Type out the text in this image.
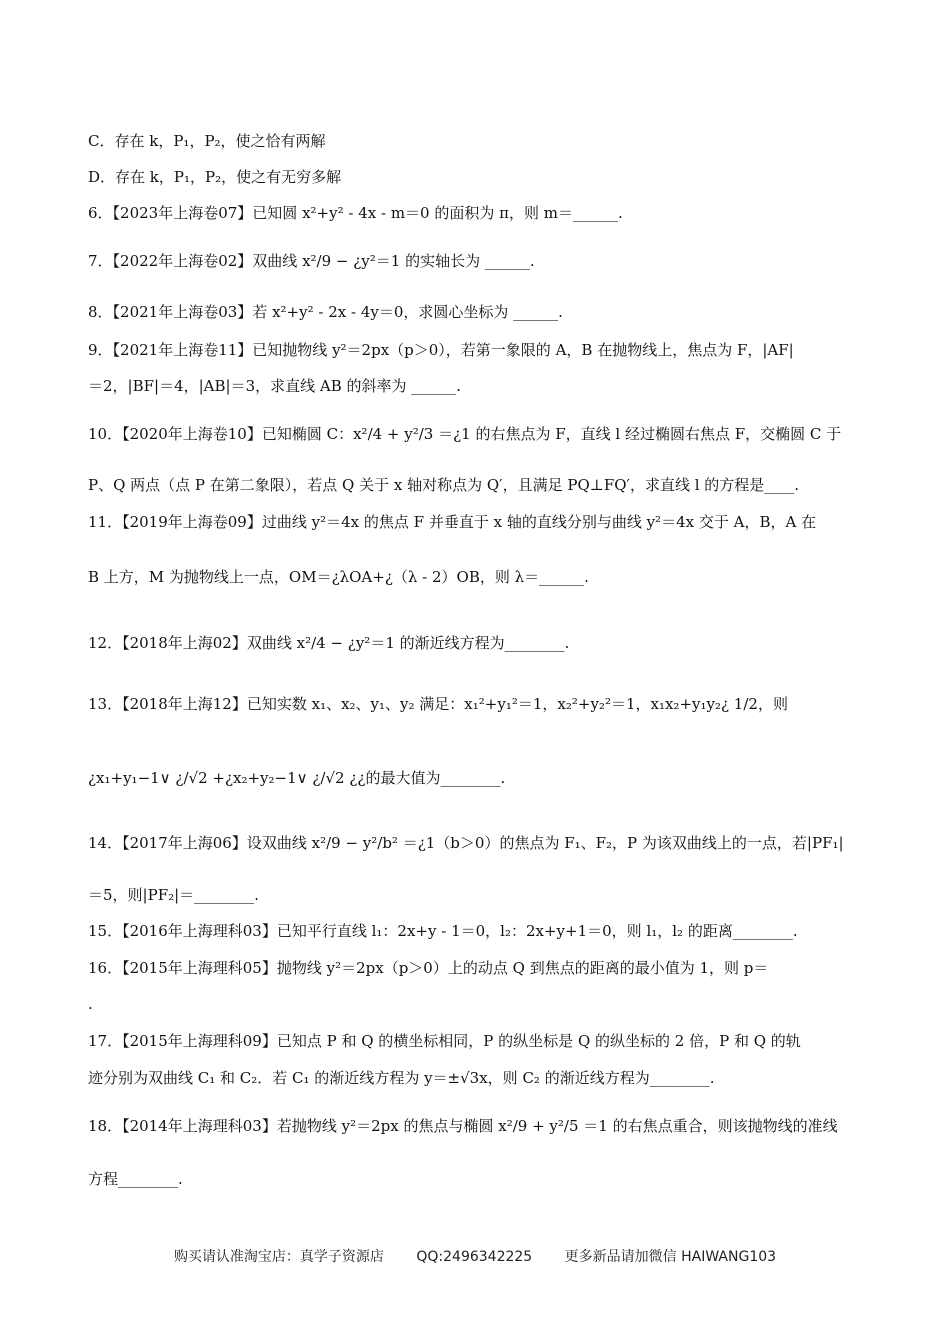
C．存在 k，P₁，P₂，使之恰有两解
D．存在 k，P₁，P₂，使之有无穷多解
6．【2023年上海卷07】已知圆 x²+y² - 4x - m＝0 的面积为 π，则 m＝______.
7．【2022年上海卷02】双曲线 x²/9 − ¿y²＝1 的实轴长为 ______.
8．【2021年上海卷03】若 x²+y² - 2x - 4y＝0，求圆心坐标为 ______.
9．【2021年上海卷11】已知抛物线 y²＝2px（p＞0），若第一象限的 A，B 在抛物线上，焦点为 F，|AF|
＝2，|BF|＝4，|AB|＝3，求直线 AB 的斜率为 ______.
10．【2020年上海卷10】已知椭圆 C：x²/4 + y²/3 ＝¿1 的右焦点为 F，直线 l 经过椭圆右焦点 F，交椭圆 C 于
P、Q 两点（点 P 在第二象限），若点 Q 关于 x 轴对称点为 Q′，且满足 PQ⊥FQ′，求直线 l 的方程是____.
11．【2019年上海卷09】过曲线 y²＝4x 的焦点 F 并垂直于 x 轴的直线分别与曲线 y²＝4x 交于 A，B，A 在
B 上方，M 为抛物线上一点，OM＝¿λOA+¿（λ - 2）OB，则 λ＝______.
12．【2018年上海02】双曲线 x²/4 − ¿y²＝1 的渐近线方程为________.
13．【2018年上海12】已知实数 x₁、x₂、y₁、y₂ 满足：x₁²+y₁²＝1，x₂²+y₂²＝1，x₁x₂+y₁y₂¿ 1/2，则
¿x₁+y₁−1∨ ¿/√2 +¿x₂+y₂−1∨ ¿/√2 ¿¿的最大值为________.
14．【2017年上海06】设双曲线 x²/9 − y²/b² ＝¿1（b＞0）的焦点为 F₁、F₂，P 为该双曲线上的一点，若|PF₁|
＝5，则|PF₂|＝________.
15．【2016年上海理科03】已知平行直线 l₁：2x+y - 1＝0，l₂：2x+y+1＝0，则 l₁，l₂ 的距离________.
16．【2015年上海理科05】抛物线 y²＝2px（p＞0）上的动点 Q 到焦点的距离的最小值为 1，则 p＝
.
17．【2015年上海理科09】已知点 P 和 Q 的横坐标相同，P 的纵坐标是 Q 的纵坐标的 2 倍，P 和 Q 的轨
迹分别为双曲线 C₁ 和 C₂．若 C₁ 的渐近线方程为 y＝±√3x，则 C₂ 的渐近线方程为________.
18．【2014年上海理科03】若抛物线 y²＝2px 的焦点与椭圆 x²/9 + y²/5 ＝1 的右焦点重合，则该抛物线的准线
方程________.
购买请认准淘宝店：真学子资源店 QQ:2496342225 更多新品请加微信 HAIWANG103
